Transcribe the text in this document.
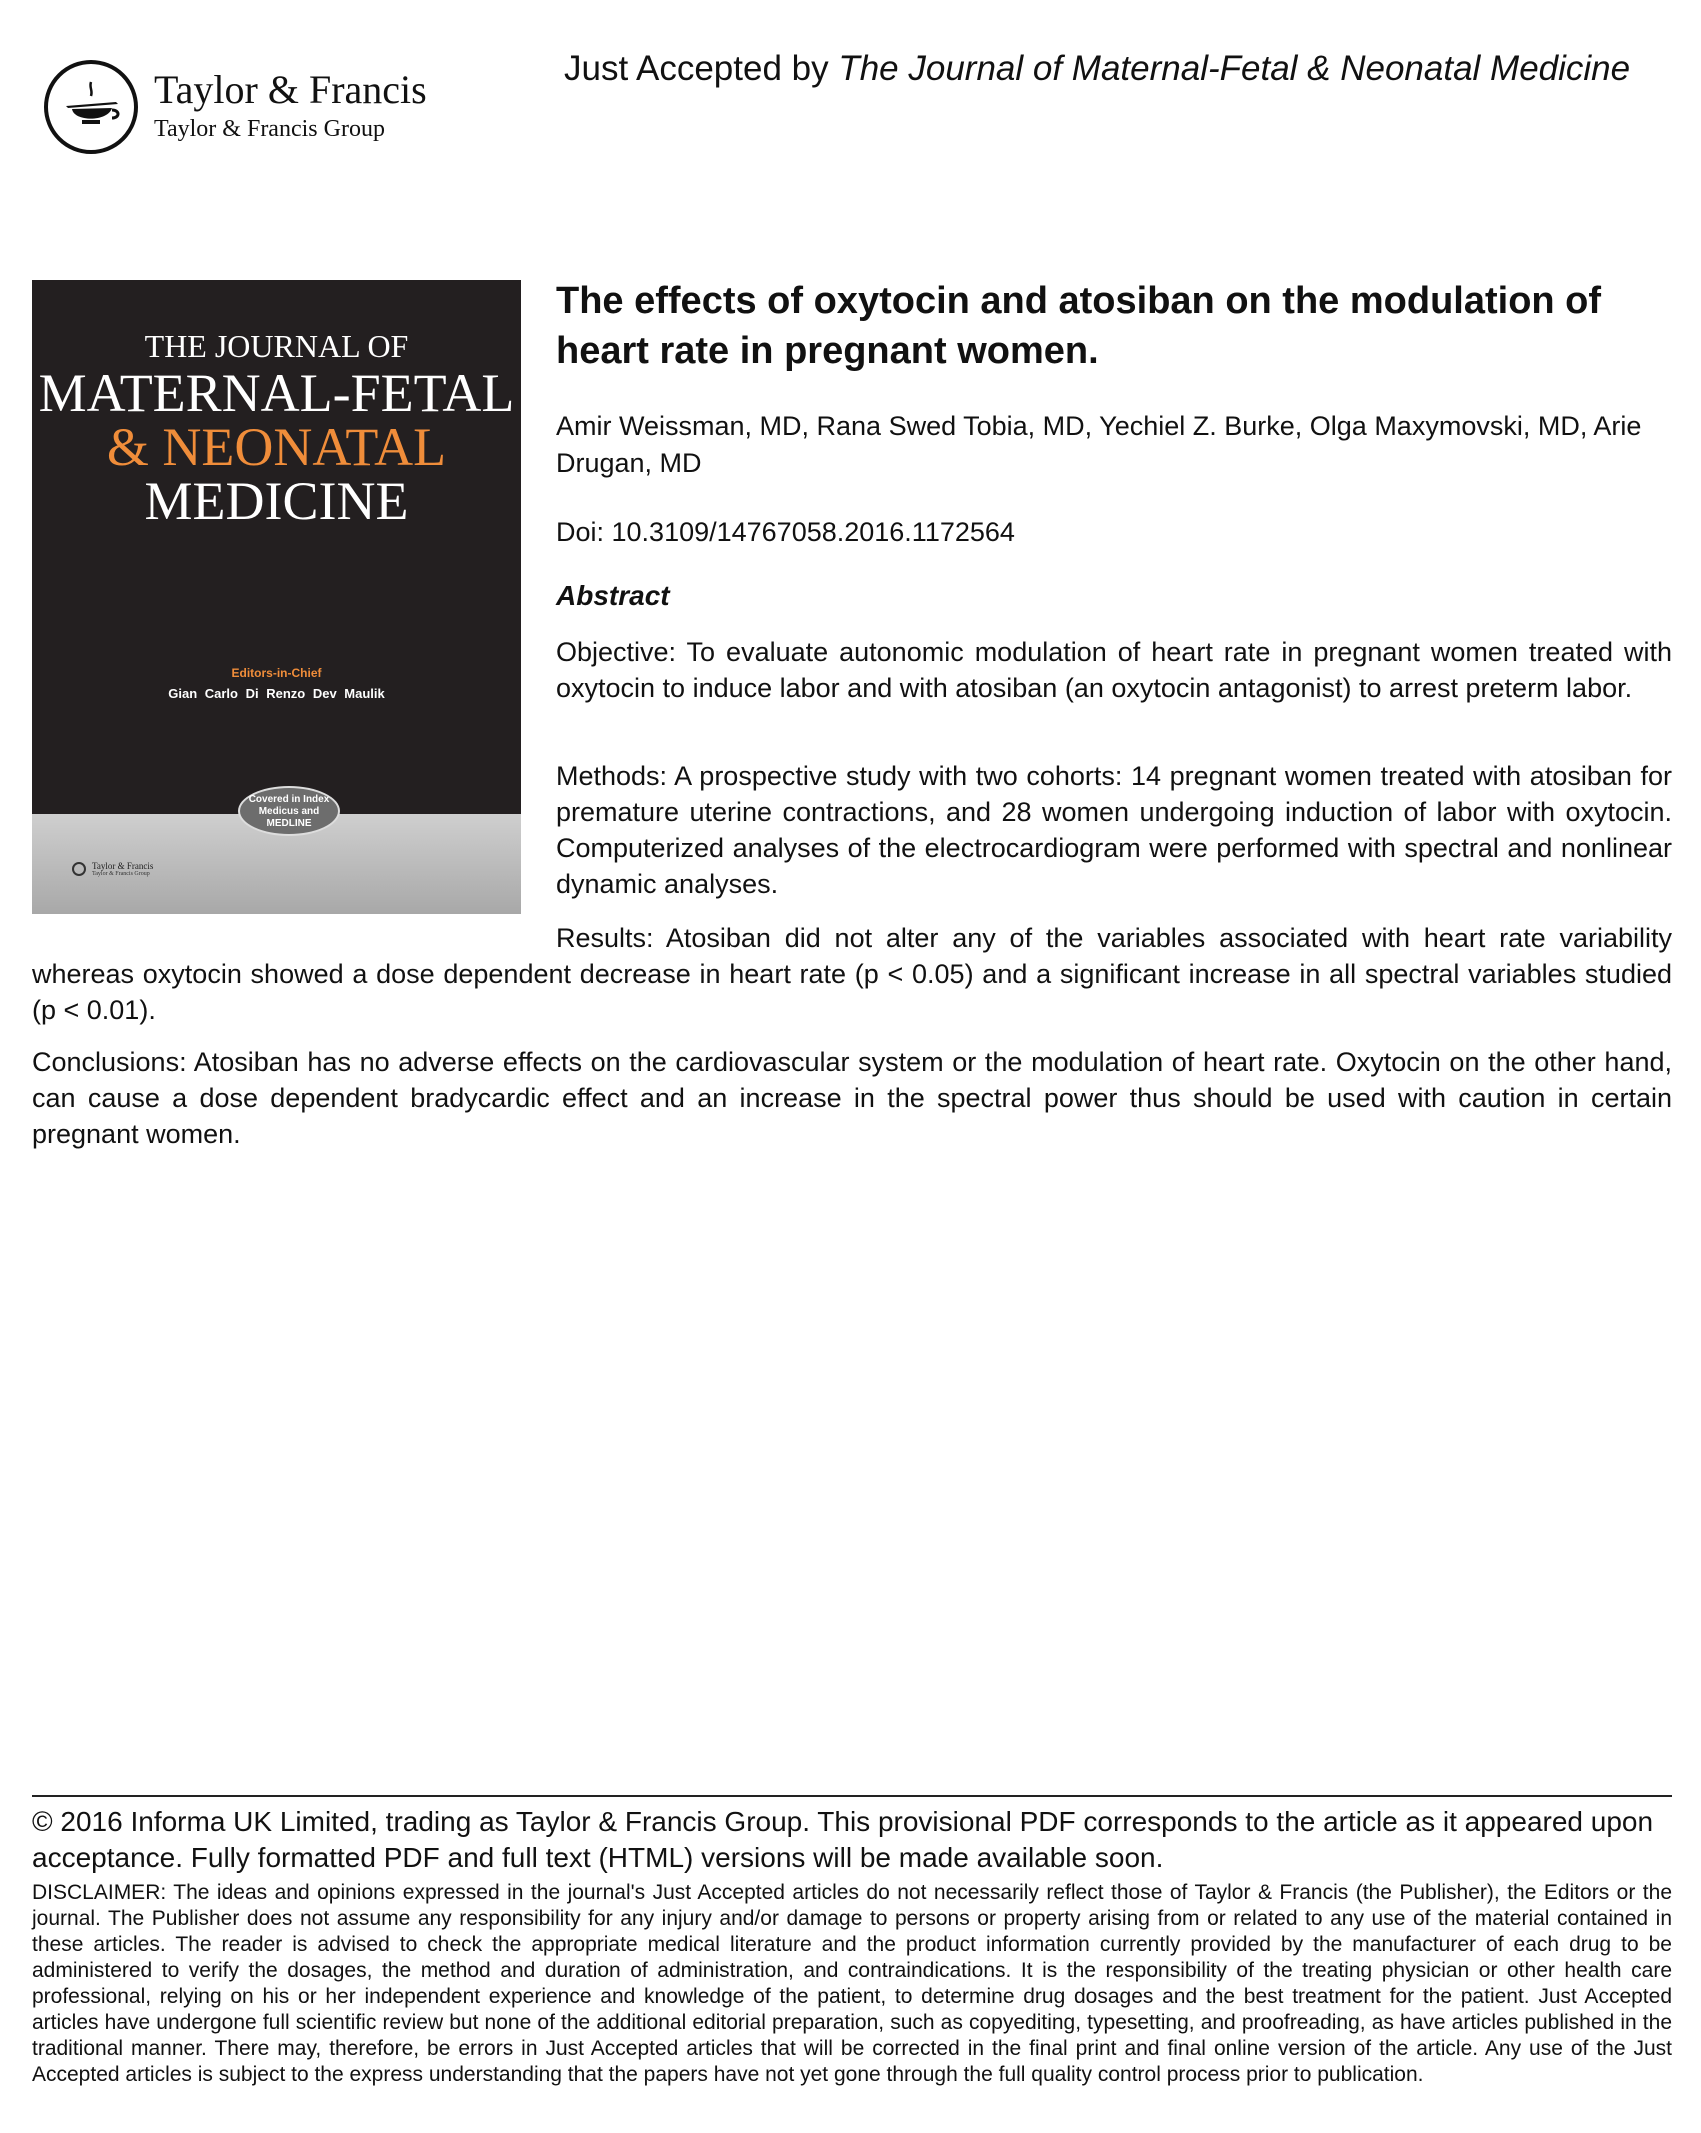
Taylor & Francis
Taylor & Francis Group
Just Accepted by The Journal of Maternal-Fetal & Neonatal Medicine
THE JOURNAL OF
MATERNAL-FETAL
& NEONATAL
MEDICINE
Editors-in-Chief
Gian Carlo Di Renzo Dev Maulik
Covered in Index Medicus and MEDLINE
Taylor & Francis
Taylor & Francis Group
The effects of oxytocin and atosiban on the modulation of heart rate in pregnant women.
Amir Weissman, MD, Rana Swed Tobia, MD, Yechiel Z. Burke, Olga Maxymovski, MD, Arie Drugan, MD
Doi: 10.3109/14767058.2016.1172564
Abstract
Objective: To evaluate autonomic modulation of heart rate in pregnant women treated with oxytocin to induce labor and with atosiban (an oxytocin antagonist) to arrest preterm labor.
Methods: A prospective study with two cohorts: 14 pregnant women treated with atosiban for premature uterine contractions, and 28 women undergoing induction of labor with oxytocin. Computerized analyses of the electrocardiogram were performed with spectral and nonlinear dynamic analyses.
Results: Atosiban did not alter any of the variables associated with heart rate variability whereas oxytocin showed a dose dependent decrease in heart rate (p < 0.05) and a significant increase in all spectral variables studied (p < 0.01).
Conclusions: Atosiban has no adverse effects on the cardiovascular system or the modulation of heart rate. Oxytocin on the other hand, can cause a dose dependent bradycardic effect and an increase in the spectral power thus should be used with caution in certain pregnant women.
© 2016 Informa UK Limited, trading as Taylor & Francis Group. This provisional PDF corresponds to the article as it appeared upon acceptance. Fully formatted PDF and full text (HTML) versions will be made available soon.
DISCLAIMER: The ideas and opinions expressed in the journal's Just Accepted articles do not necessarily reflect those of Taylor & Francis (the Publisher), the Editors or the journal. The Publisher does not assume any responsibility for any injury and/or damage to persons or property arising from or related to any use of the material contained in these articles. The reader is advised to check the appropriate medical literature and the product information currently provided by the manufacturer of each drug to be administered to verify the dosages, the method and duration of administration, and contraindications. It is the responsibility of the treating physician or other health care professional, relying on his or her independent experience and knowledge of the patient, to determine drug dosages and the best treatment for the patient. Just Accepted articles have undergone full scientific review but none of the additional editorial preparation, such as copyediting, typesetting, and proofreading, as have articles published in the traditional manner. There may, therefore, be errors in Just Accepted articles that will be corrected in the final print and final online version of the article. Any use of the Just Accepted articles is subject to the express understanding that the papers have not yet gone through the full quality control process prior to publication.
